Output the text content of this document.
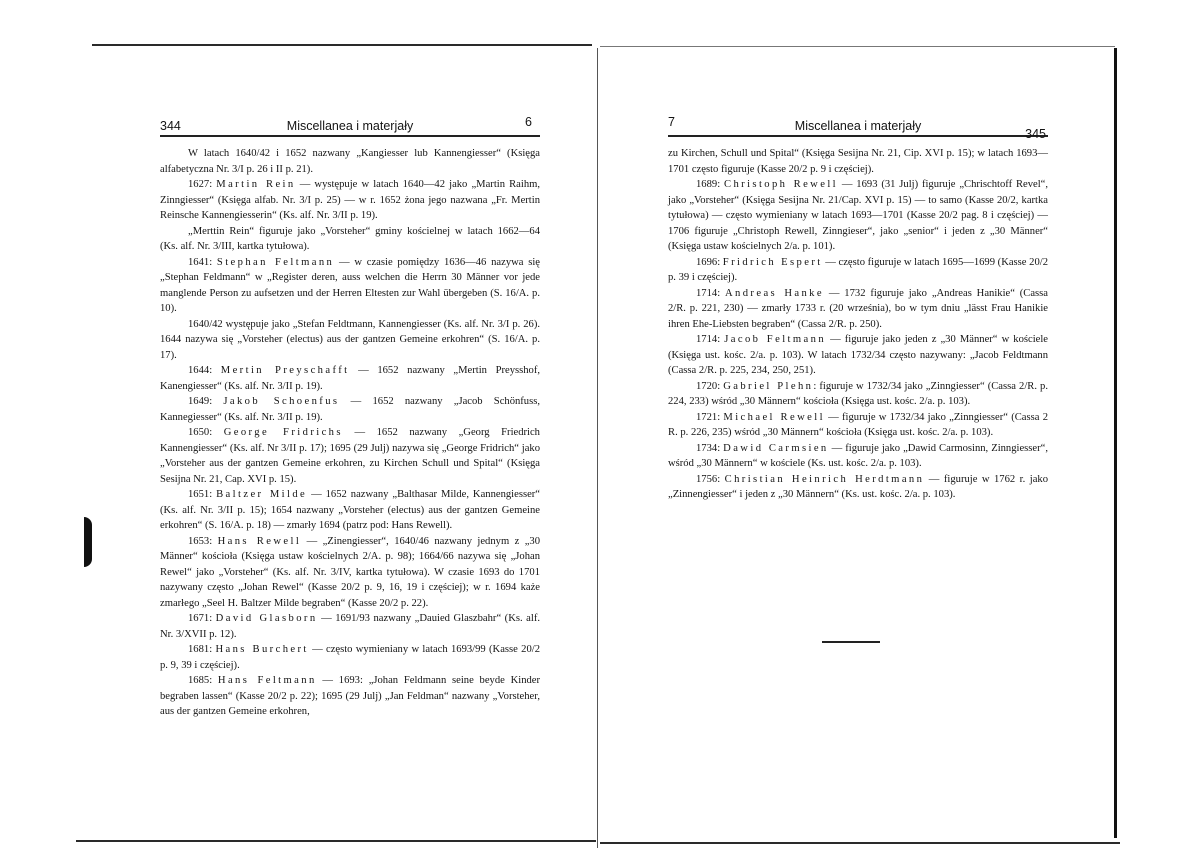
344	Miscellanea i materjały	6

W latach 1640/42 i 1652 nazwany „Kangiesser lub Kannengiesser“ (Księga alfabetyczna Nr. 3/I p. 26 i II p. 21).

1627: Martin Rein — występuje w latach 1640—42 jako „Martin Raihm, Zinngiesser“ (Księga alfab. Nr. 3/I p. 25) — w r. 1652 żona jego nazwana „Fr. Mertin Reinsche Kannengiesserin“ (Ks. alf. Nr. 3/II p. 19).

„Merttin Rein“ figuruje jako „Vorsteher“ gminy kościelnej w latach 1662—64 (Ks. alf. Nr. 3/III, kartka tytułowa).

1641: Stephan Feltmann — w czasie pomiędzy 1636—46 nazywa się „Stephan Feldmann“ w „Register deren, auss welchen die Herrn 30 Männer vor jede manglende Person zu aufsetzen und der Herren Eltesten zur Wahl übergeben (S. 16/A. p. 10).

1640/42 występuje jako „Stefan Feldtmann, Kannengiesser (Ks. alf. Nr. 3/I p. 26). 1644 nazywa się „Vorsteher (electus) aus der gantzen Gemeine erkohren“ (S. 16/A. p. 17).

1644: Mertin Preyschafft — 1652 nazwany „Mertin Preysshof, Kanengiesser“ (Ks. alf. Nr. 3/II p. 19).

1649: Jakob Schoenfus — 1652 nazwany „Jacob Schönfuss, Kannegiesser“ (Ks. alf. Nr. 3/II p. 19).

1650: George Fridrichs — 1652 nazwany „Georg Friedrich Kannengiesser“ (Ks. alf. Nr 3/II p. 17); 1695 (29 Julj) nazywa się „George Fridrich“ jako „Vorsteher aus der gantzen Gemeine erkohren, zu Kirchen Schull und Spital“ (Księga Sesijna Nr. 21, Cap. XVI p. 15).

1651: Baltzer Milde — 1652 nazwany „Balthasar Milde, Kannengiesser“ (Ks. alf. Nr. 3/II p. 15); 1654 nazwany „Vorsteher (electus) aus der gantzen Gemeine erkohren“ (S. 16/A. p. 18) — zmarły 1694 (patrz pod: Hans Rewell).

1653: Hans Rewell — „Zinengiesser“, 1640/46 nazwany jednym z „30 Männer“ kościoła (Księga ustaw kościelnych 2/A. p. 98); 1664/66 nazywa się „Johan Rewel“ jako „Vorsteher“ (Ks. alf. Nr. 3/IV, kartka tytułowa). W czasie 1693 do 1701 nazywany często „Johan Rewel“ (Kasse 20/2 p. 9, 16, 19 i częściej); w r. 1694 każe zmarłego „Seel H. Baltzer Milde begraben“ (Kasse 20/2 p. 22).

1671: David Glasborn — 1691/93 nazwany „Dauied Glaszbahr“ (Ks. alf. Nr. 3/XVII p. 12).

1681: Hans Burchert — często wymieniany w latach 1693/99 (Kasse 20/2 p. 9, 39 i częściej).

1685: Hans Feltmann — 1693: „Johan Feldmann seine beyde Kinder begraben lassen“ (Kasse 20/2 p. 22); 1695 (29 Julj) „Jan Feldman“ nazwany „Vorsteher, aus der gantzen Gemeine erkohren,

7	Miscellanea i materjały
345

zu Kirchen, Schull und Spital“ (Księga Sesijna Nr. 21, Cip. XVI p. 15); w latach 1693—1701 często figuruje (Kasse 20/2 p. 9 i częściej).

1689: Christoph Rewell — 1693 (31 Julj) figuruje „Chrischtoff Revel“, jako „Vorsteher“ (Księga Sesijna Nr. 21/Cap. XVI p. 15) — to samo (Kasse 20/2, kartka tytułowa) — często wymieniany w latach 1693—1701 (Kasse 20/2 pag. 8 i częściej) — 1706 figuruje „Christoph Rewell, Zinngieser“, jako „senior“ i jeden z „30 Männer“ (Księga ustaw kościelnych 2/a. p. 101).

1696: Fridrich Espert — często figuruje w latach 1695—1699 (Kasse 20/2 p. 39 i częściej).

1714: Andreas Hanke — 1732 figuruje jako „Andreas Hanikie“ (Cassa 2/R. p. 221, 230) — zmarły 1733 r. (20 września), bo w tym dniu „lässt Frau Hanikie ihren Ehe-Liebsten begraben“ (Cassa 2/R. p. 250).

1714: Jacob Feltmann — figuruje jako jeden z „30 Männer“ w kościele (Księga ust. kośc. 2/a. p. 103). W latach 1732/34 często nazywany: „Jacob Feldtmann (Cassa 2/R. p. 225, 234, 250, 251).

1720: Gabriel Plehn: figuruje w 1732/34 jako „Zinngiesser“ (Cassa 2/R. p. 224, 233) wśród „30 Männern“ kościoła (Księga ust. kośc. 2/a. p. 103).

1721: Michael Rewell — figuruje w 1732/34 jako „Zinngiesser“ (Cassa 2 R. p. 226, 235) wśród „30 Männern“ kościoła (Księga ust. kośc. 2/a. p. 103).

1734: Dawid Carmsien — figuruje jako „Dawid Carmosinn, Zinngiesser“, wśród „30 Männern“ w kościele (Ks. ust. kośc. 2/a. p. 103).

1756: Christian Heinrich Herdtmann — figuruje w 1762 r. jako „Zinnengiesser“ i jeden z „30 Männern“ (Ks. ust. kośc. 2/a. p. 103).
